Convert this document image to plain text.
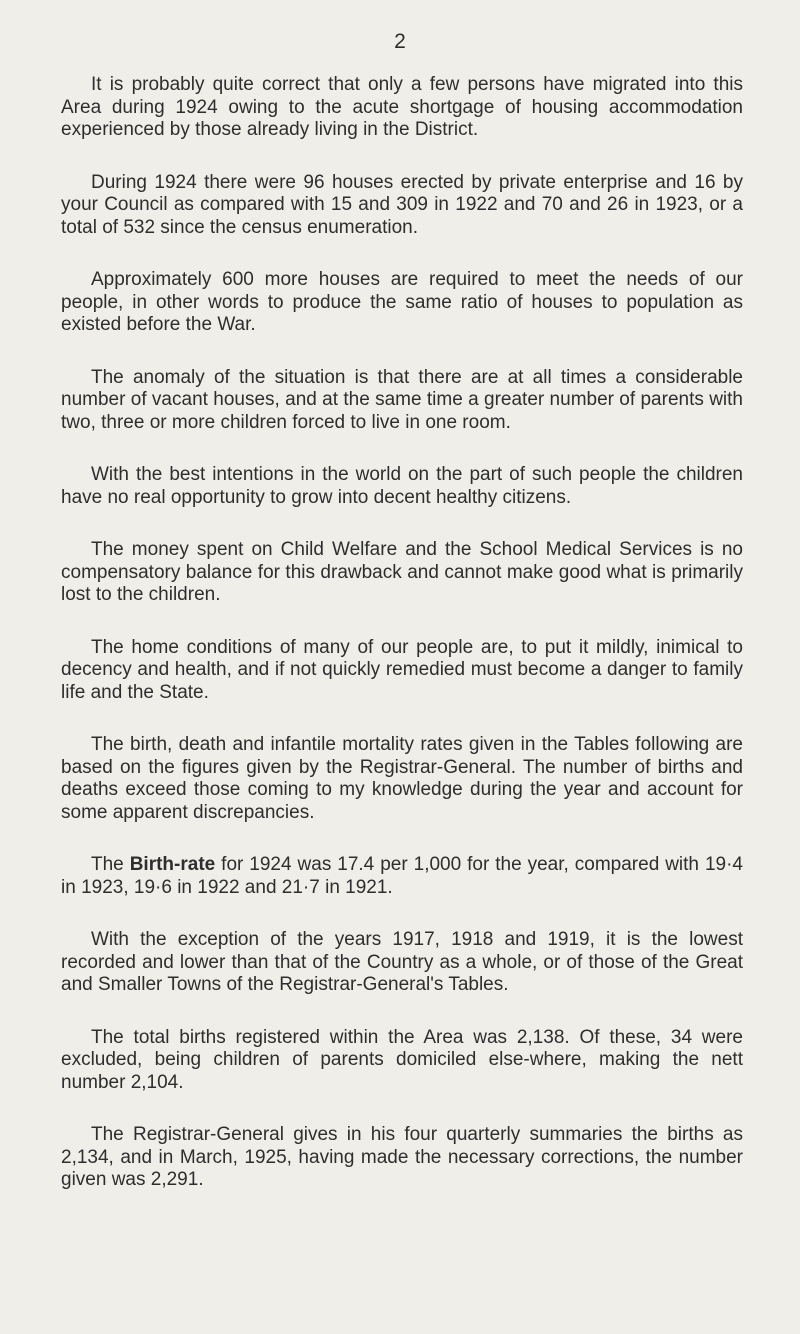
2

It is probably quite correct that only a few persons have migrated into this Area during 1924 owing to the acute shortgage of housing accommodation experienced by those already living in the District.

During 1924 there were 96 houses erected by private enterprise and 16 by your Council as compared with 15 and 309 in 1922 and 70 and 26 in 1923, or a total of 532 since the census enumeration.

Approximately 600 more houses are required to meet the needs of our people, in other words to produce the same ratio of houses to population as existed before the War.

The anomaly of the situation is that there are at all times a considerable number of vacant houses, and at the same time a greater number of parents with two, three or more children forced to live in one room.

With the best intentions in the world on the part of such people the children have no real opportunity to grow into decent healthy citizens.

The money spent on Child Welfare and the School Medical Services is no compensatory balance for this drawback and cannot make good what is primarily lost to the children.

The home conditions of many of our people are, to put it mildly, inimical to decency and health, and if not quickly remedied must become a danger to family life and the State.

The birth, death and infantile mortality rates given in the Tables following are based on the figures given by the Registrar-General. The number of births and deaths exceed those coming to my knowledge during the year and account for some apparent discrepancies.

The Birth-rate for 1924 was 17.4 per 1,000 for the year, compared with 19·4 in 1923, 19·6 in 1922 and 21·7 in 1921.

With the exception of the years 1917, 1918 and 1919, it is the lowest recorded and lower than that of the Country as a whole, or of those of the Great and Smaller Towns of the Registrar-General's Tables.

The total births registered within the Area was 2,138. Of these, 34 were excluded, being children of parents domiciled else-where, making the nett number 2,104.

The Registrar-General gives in his four quarterly summaries the births as 2,134, and in March, 1925, having made the necessary corrections, the number given was 2,291.
